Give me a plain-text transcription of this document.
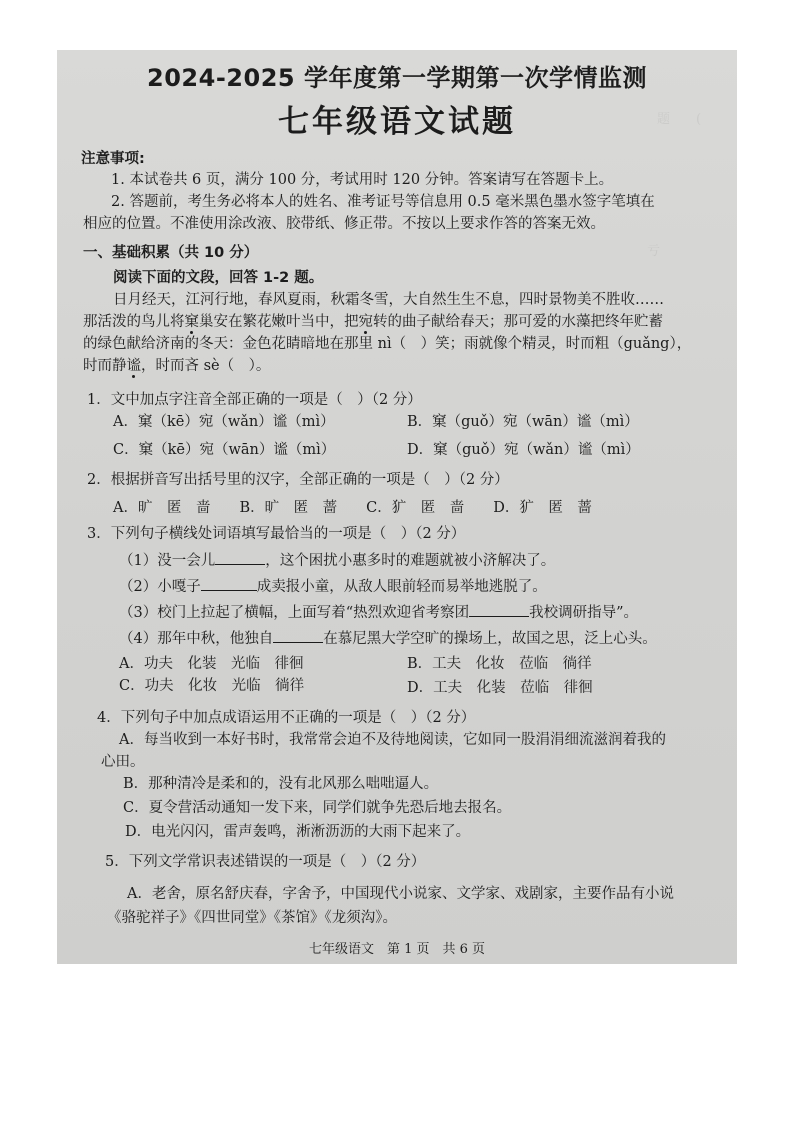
题　　(
亏
2024-2025 学年度第一学期第一次学情监测
七年级语文试题
注意事项:
1. 本试卷共 6 页，满分 100 分，考试用时 120 分钟。答案请写在答题卡上。
2. 答题前，考生务必将本人的姓名、准考证号等信息用 0.5 毫米黑色墨水签字笔填在
相应的位置。不准使用涂改液、胶带纸、修正带。不按以上要求作答的答案无效。
一、基础积累（共 10 分）
阅读下面的文段，回答 1-2 题。
日月经天，江河行地，春风夏雨，秋霜冬雪，大自然生生不息，四时景物美不胜收……
那活泼的鸟儿将窠巢安在繁花嫩叶当中，把宛转的曲子献给春天；那可爱的水藻把终年贮蓄
的绿色献给济南的冬天：金色花睛暗地在那里 nì（　）笑；雨就像个精灵，时而粗（guǎng），
时而静谧，时而吝 sè（　）。
1．文中加点字注音全部正确的一项是（　）（2 分）
A．窠（kē）宛（wǎn）谧（mì）	B．窠（guǒ）宛（wān）谧（mì）
C．窠（kē）宛（wān）谧（mì）	D．窠（guǒ）宛（wǎn）谧（mì）
2．根据拼音写出括号里的汉字，全部正确的一项是（　）（2 分）
A．旷　匿　啬　　B．旷　匿　蔷　　C．犷　匿　啬　　D．犷　匿　蔷
3．下列句子横线处词语填写最恰当的一项是（　）（2 分）
（1）没一会儿	，这个困扰小惠多时的难题就被小济解决了。
（2）小嘎子	成卖报小童，从敌人眼前轻而易举地逃脱了。
（3）校门上拉起了横幅，上面写着“热烈欢迎省考察团	我校调研指导”。
（4）那年中秋，他独自	在慕尼黑大学空旷的操场上，故国之思，泛上心头。
A．功夫　化装　光临　徘徊	B．工夫　化妆　莅临　徜徉
C．功夫　化妆　光临　徜徉	D．工夫　化装　莅临　徘徊
4．下列句子中加点成语运用不正确的一项是（　）（2 分）
A．每当收到一本好书时，我常常会迫不及待地阅读，它如同一股涓涓细流滋润着我的
心田。
B．那种清冷是柔和的，没有北风那么咄咄逼人。
C．夏令营活动通知一发下来，同学们就争先恐后地去报名。
D．电光闪闪，雷声轰鸣，淅淅沥沥的大雨下起来了。
5．下列文学常识表述错误的一项是（　）（2 分）
A．老舍，原名舒庆春，字舍予，中国现代小说家、文学家、戏剧家，主要作品有小说
《骆驼祥子》《四世同堂》《茶馆》《龙须沟》。
七年级语文　第 1 页　共 6 页
